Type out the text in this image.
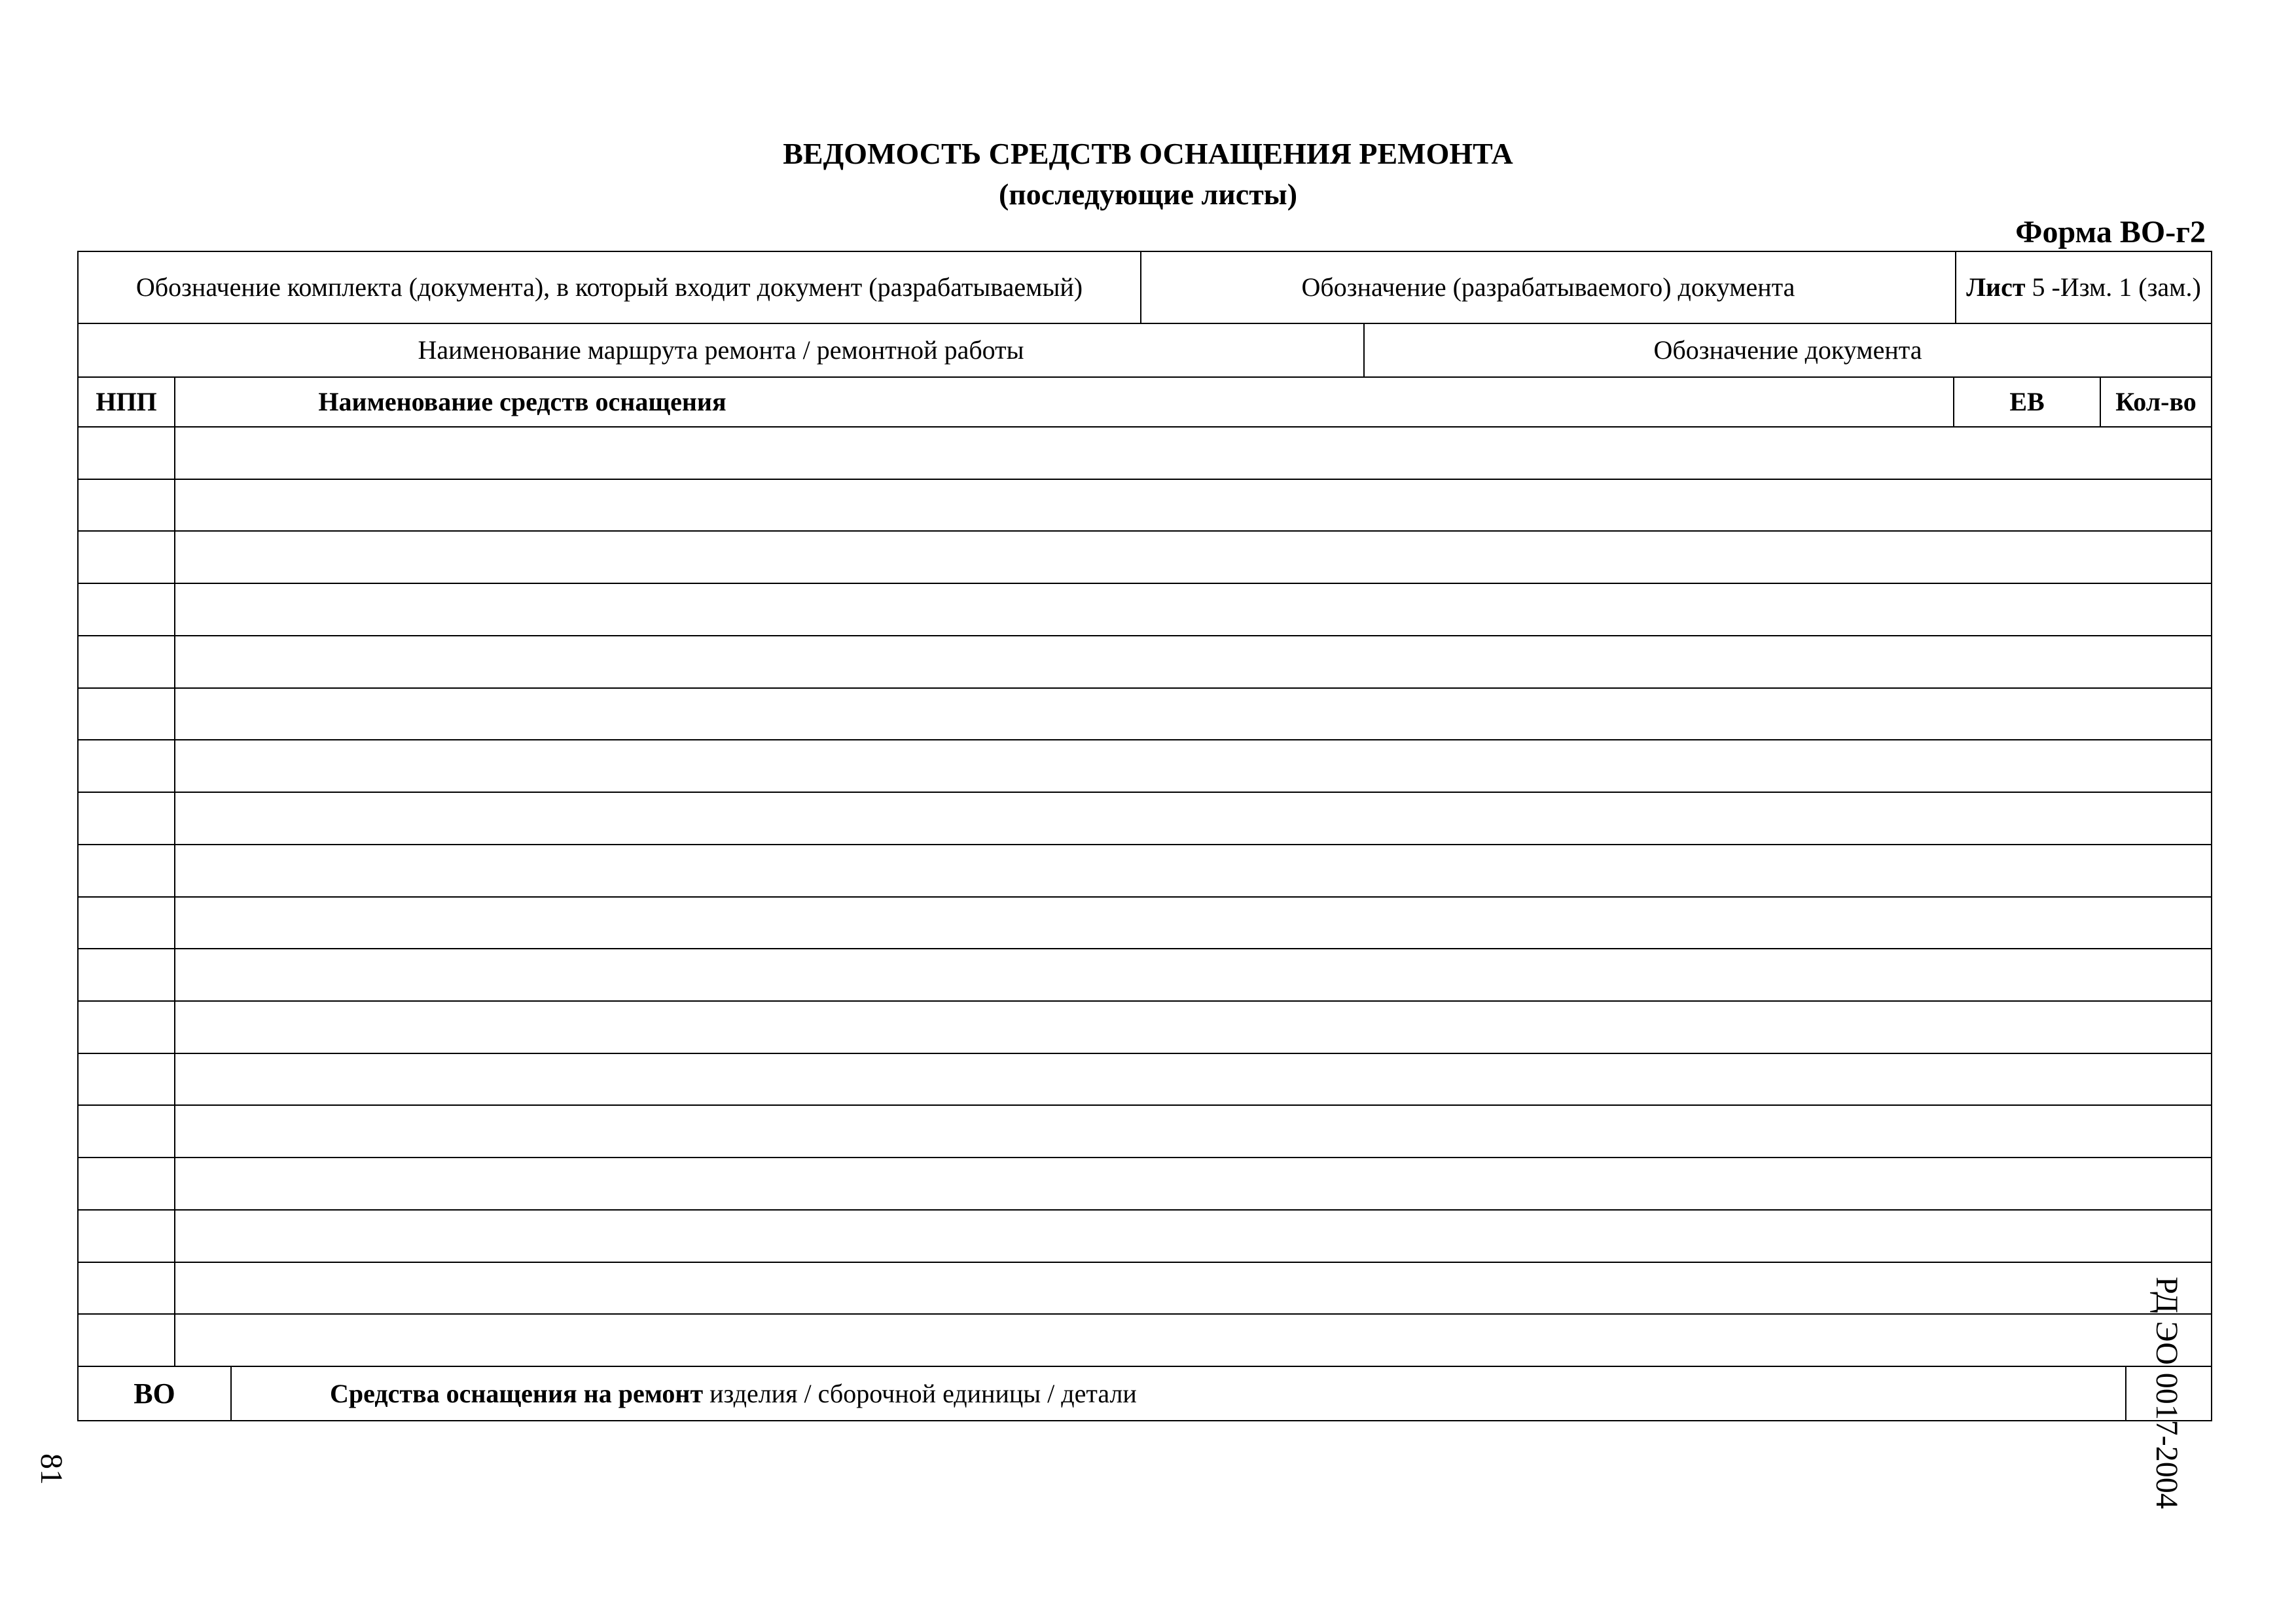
ВЕДОМОСТЬ СРЕДСТВ ОСНАЩЕНИЯ РЕМОНТА
(последующие листы)
Форма ВО-г2
Обозначение комплекта (документа), в который входит документ (разрабатываемый)	Обозначение (разрабатываемого) документа	Лист 5 -Изм. 1 (зам.)
Наименование маршрута ремонта / ремонтной работы	Обозначение документа
НПП	Наименование средств оснащения	ЕВ	Кол-во
ВО	Средства оснащения на ремонт изделия / сборочной единицы / детали	РД ЭО 0017-2004
81
